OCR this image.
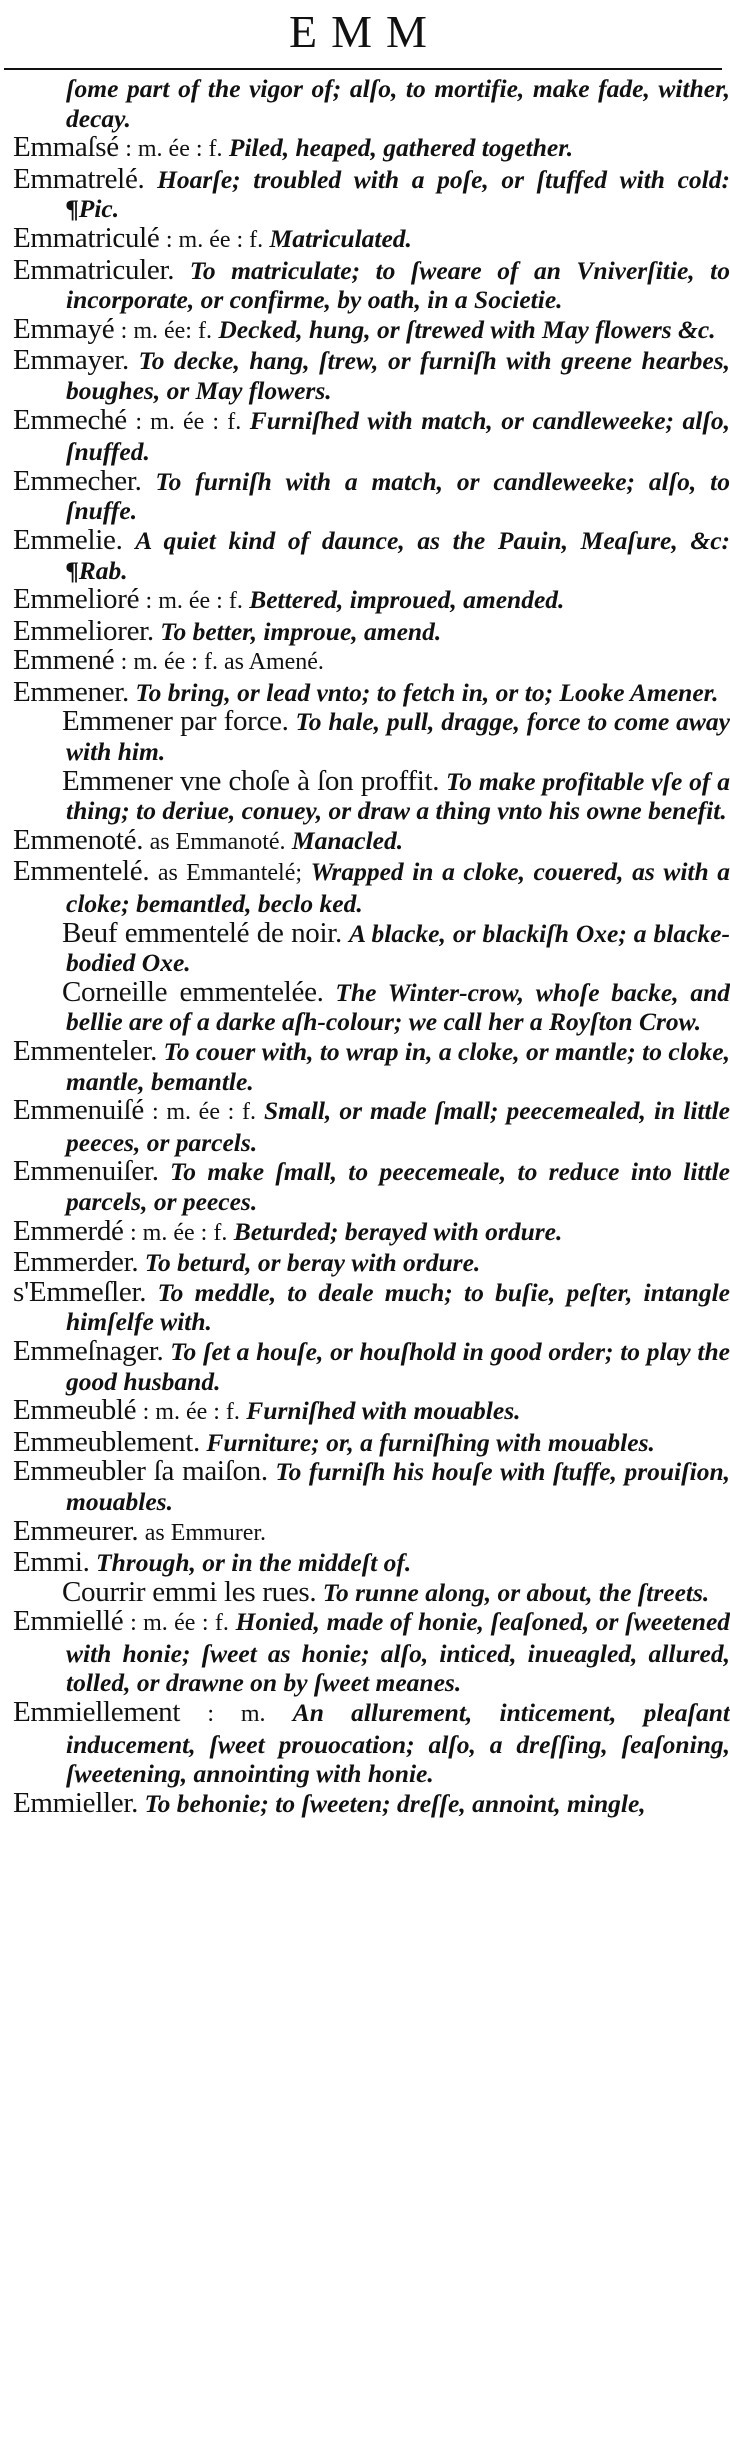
EMM

ſome part of the vigor of; alſo, to mortifie, make fade, wither, decay.

Emmaſsé : m. ée : f. Piled, heaped, gathered together.

Emmatrelé. Hoarſe; troubled with a poſe, or ſtuffed with cold: ¶Pic.

Emmatriculé : m. ée : f. Matriculated.

Emmatriculer. To matriculate; to ſweare of an Vniverſitie, to incorporate, or confirme, by oath, in a Societie.

Emmayé : m. ée: f. Decked, hung, or ſtrewed with May flowers &c.

Emmayer. To decke, hang, ſtrew, or furniſh with greene hearbes, boughes, or May flowers.

Emmeché : m. ée : f. Furniſhed with match, or candleweeke; alſo, ſnuffed.

Emmecher. To furniſh with a match, or candleweeke; alſo, to ſnuffe.

Emmelie. A quiet kind of daunce, as the Pauin, Meaſure, &c: ¶Rab.

Emmelioré : m. ée : f. Bettered, improued, amended.

Emmeliorer. To better, improue, amend.

Emmené : m. ée : f. as Amené.

Emmener. To bring, or lead vnto; to fetch in, or to; Looke Amener.

Emmener par force. To hale, pull, dragge, force to come away with him.

Emmener vne choſe à ſon proffit. To make profitable vſe of a thing; to deriue, conuey, or draw a thing vnto his owne benefit.

Emmenoté. as Emmanoté. Manacled.

Emmentelé. as Emmantelé; Wrapped in a cloke, couered, as with a cloke; bemantled, beclo ked.

Beuf emmentelé de noir. A blacke, or blackiſh Oxe; a blacke-bodied Oxe.

Corneille emmentelée. The Winter-crow, whoſe backe, and bellie are of a darke aſh-colour; we call her a Royſton Crow.

Emmenteler. To couer with, to wrap in, a cloke, or mantle; to cloke, mantle, bemantle.

Emmenuiſé : m. ée : f. Small, or made ſmall; peecemealed, in little peeces, or parcels.

Emmenuiſer. To make ſmall, to peecemeale, to reduce into little parcels, or peeces.

Emmerdé : m. ée : f. Beturded; berayed with ordure.

Emmerder. To beturd, or beray with ordure.

s'Emmeſler. To meddle, to deale much; to buſie, peſter, intangle himſelfe with.

Emmeſnager. To ſet a houſe, or houſhold in good order; to play the good husband.

Emmeublé : m. ée : f. Furniſhed with mouables.

Emmeublement. Furniture; or, a furniſhing with mouables.

Emmeubler ſa maiſon. To furniſh his houſe with ſtuffe, prouiſion, mouables.

Emmeurer. as Emmurer.

Emmi. Through, or in the middeſt of.

Courrir emmi les rues. To runne along, or about, the ſtreets.

Emmiellé : m. ée : f. Honied, made of honie, ſeaſoned, or ſweetened with honie; ſweet as honie; alſo, inticed, inueagled, allured, tolled, or drawne on by ſweet meanes.

Emmiellement : m. An allurement, inticement, pleaſant inducement, ſweet prouocation; alſo, a dreſſing, ſeaſoning, ſweetening, annointing with honie.

Emmieller. To behonie; to ſweeten; dreſſe, annoint, mingle,
